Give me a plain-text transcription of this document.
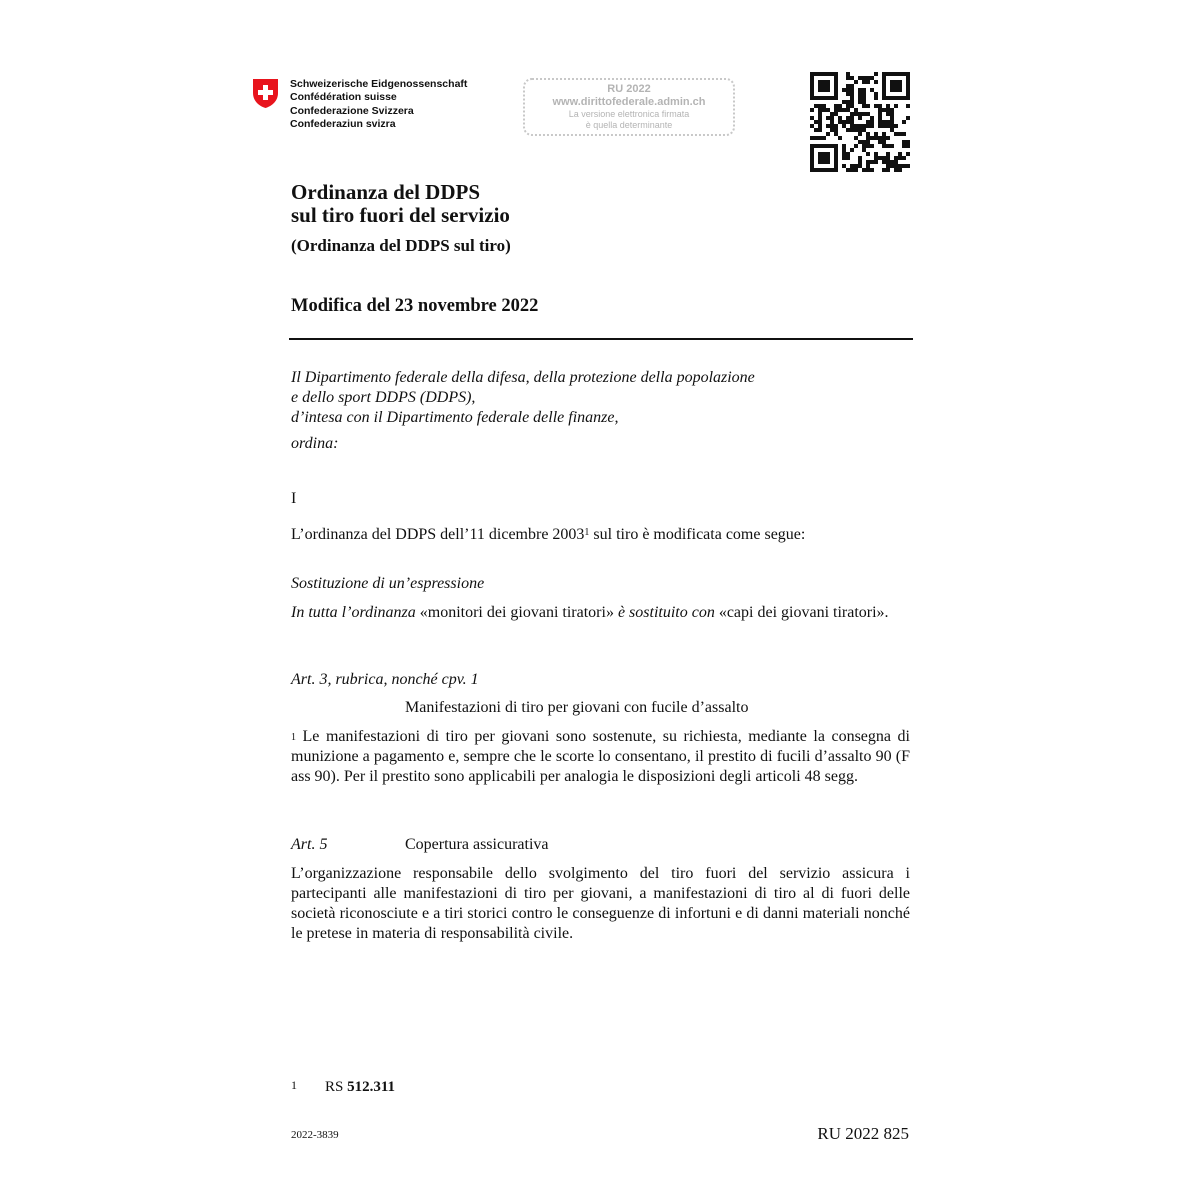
Schweizerische Eidgenossenschaft
Confédération suisse
Confederazione Svizzera
Confederaziun svizra
RU 2022
www.dirittofederale.admin.ch
La versione elettronica firmata
è quella determinante
Ordinanza del DDPS
sul tiro fuori del servizio
(Ordinanza del DDPS sul tiro)
Modifica del 23 novembre 2022
Il Dipartimento federale della difesa, della protezione della popolazione
e dello sport DDPS (DDPS),
d’intesa con il Dipartimento federale delle finanze,
ordina:
I
L’ordinanza del DDPS dell’11 dicembre 2003$^1$ sul tiro è modificata come segue:
Sostituzione di un’espressione
In tutta l’ordinanza «monitori dei giovani tiratori» è sostituito con «capi dei giovani tiratori».
Art. 3, rubrica, nonché cpv. 1
Manifestazioni di tiro per giovani con fucile d’assalto
$^1$ Le manifestazioni di tiro per giovani sono sostenute, su richiesta, mediante la consegna di munizione a pagamento e, sempre che le scorte lo consentano, il prestito di fucili d’assalto 90 (F ass 90). Per il prestito sono applicabili per analogia le disposizioni degli articoli 48 segg.
Art. 5	Copertura assicurativa
L’organizzazione responsabile dello svolgimento del tiro fuori del servizio assicura i partecipanti alle manifestazioni di tiro per giovani, a manifestazioni di tiro al di fuori delle società riconosciute e a tiri storici contro le conseguenze di infortuni e di danni materiali nonché le pretese in materia di responsabilità civile.
1 RS 512.311
2022-3839	RU 2022 825
